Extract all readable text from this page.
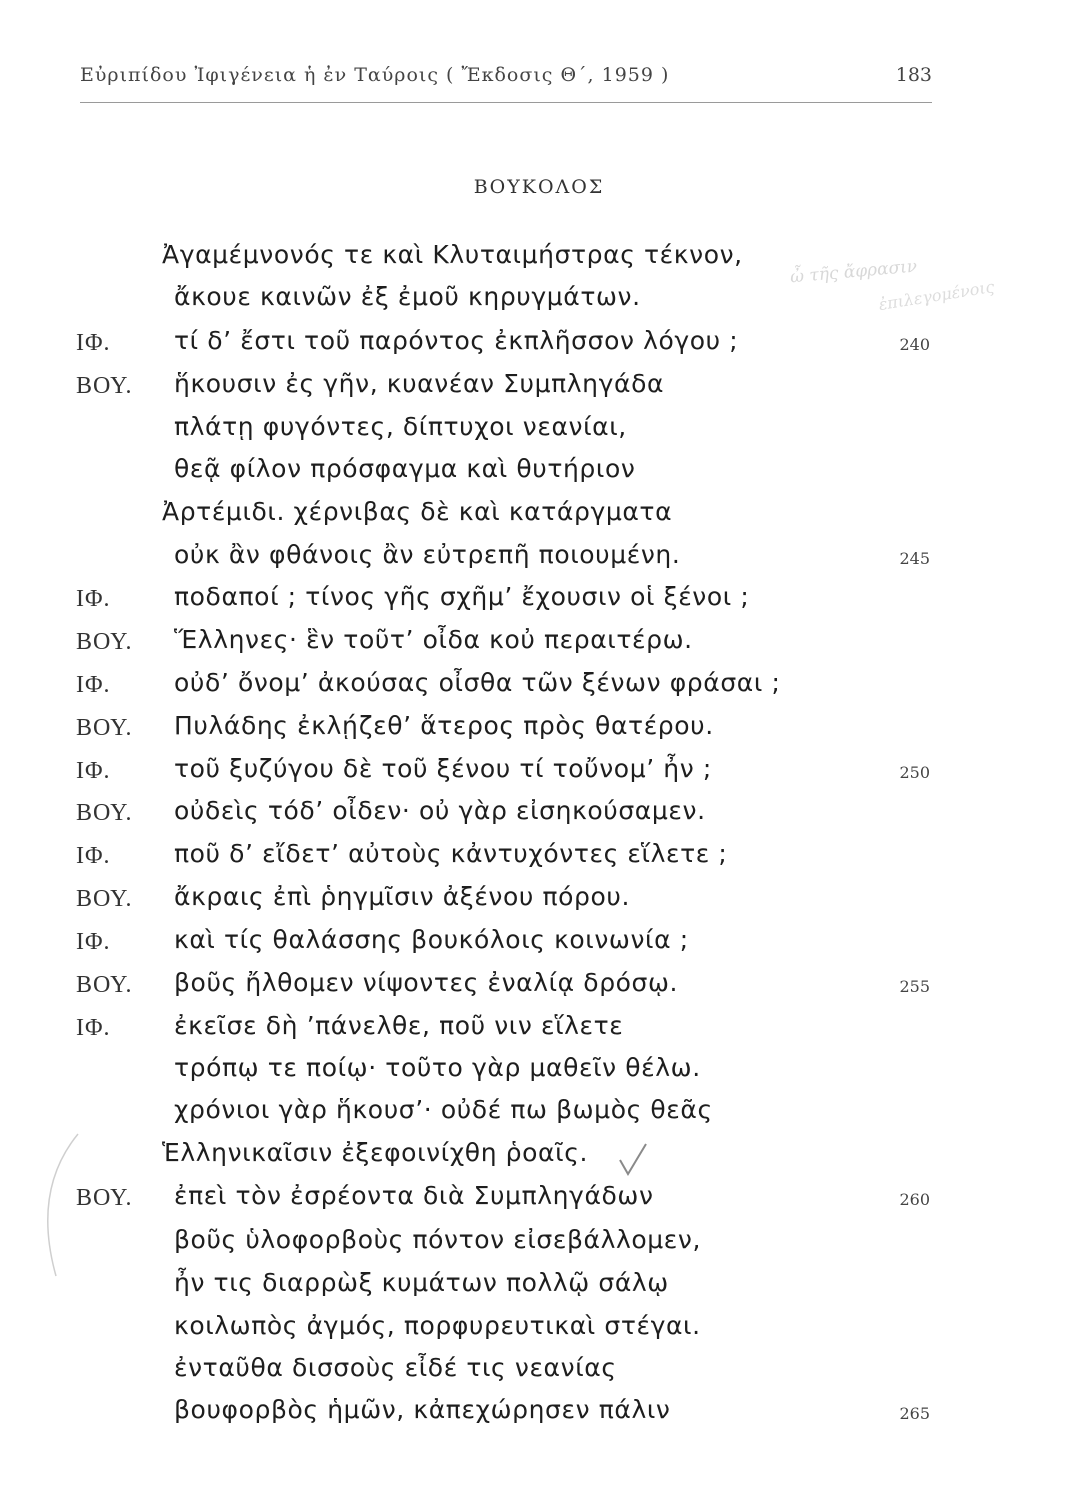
Εὐριπίδου Ἰφιγένεια ἡ ἐν Ταύροις ( Ἔκδοσις Θ΄, 1959 )	183
ΒΟΥΚΟΛΟΣ
ὦ τῆς ἄφρασιν
ἐπιλεγομένοις
Ἀγαμέμνονός τε καὶ Κλυταιμήστρας τέκνον,
ἄκουε καινῶν ἐξ ἐμοῦ κηρυγμάτων.
ΙΦ.	τί δ’ ἔστι τοῦ παρόντος ἐκπλῆσσον λόγου ;	240
ΒΟΥ. ἥκουσιν ἐς γῆν, κυανέαν Συμπληγάδα
πλάτῃ φυγόντες, δίπτυχοι νεανίαι,
θεᾷ φίλον πρόσφαγμα καὶ θυτήριον
Ἀρτέμιδι. χέρνιβας δὲ καὶ κατάργματα
οὐκ ἂν φθάνοις ἂν εὐτρεπῆ ποιουμένη.	245
ΙΦ.	ποδαποί ; τίνος γῆς σχῆμ’ ἔχουσιν οἱ ξένοι ;
ΒΟΥ. Ἕλληνες· ἓν τοῦτ’ οἶδα κοὐ περαιτέρω.
ΙΦ.	οὐδ’ ὄνομ’ ἀκούσας οἶσθα τῶν ξένων φράσαι ;
ΒΟΥ. Πυλάδης ἐκλῄζεθ’ ἅτερος πρὸς θατέρου.
ΙΦ.	τοῦ ξυζύγου δὲ τοῦ ξένου τί τοὔνομ’ ἦν ;	250
ΒΟΥ. οὐδεὶς τόδ’ οἶδεν· οὐ γὰρ εἰσηκούσαμεν.
ΙΦ.	ποῦ δ’ εἴδετ’ αὐτοὺς κἀντυχόντες εἵλετε ;
ΒΟΥ. ἄκραις ἐπὶ ῥηγμῖσιν ἀξένου πόρου.
ΙΦ.	καὶ τίς θαλάσσης βουκόλοις κοινωνία ;
ΒΟΥ. βοῦς ἤλθομεν νίψοντες ἐναλίᾳ δρόσῳ.	255
ΙΦ.	ἐκεῖσε δὴ ’πάνελθε, ποῦ νιν εἵλετε
τρόπῳ τε ποίῳ· τοῦτο γὰρ μαθεῖν θέλω.
χρόνιοι γὰρ ἥκουσ’· οὐδέ πω βωμὸς θεᾶς
Ἑλληνικαῖσιν ἐξεφοινίχθη ῥοαῖς.
ΒΟΥ. ἐπεὶ τὸν ἐσρέοντα διὰ Συμπληγάδων	260
βοῦς ὑλοφορβοὺς πόντον εἰσεβάλλομεν,
ἦν τις διαρρὼξ κυμάτων πολλῷ σάλῳ
κοιλωπὸς ἀγμός, πορφυρευτικαὶ στέγαι.
ἐνταῦθα δισσοὺς εἶδέ τις νεανίας
βουφορβὸς ἡμῶν, κἀπεχώρησεν πάλιν	265
